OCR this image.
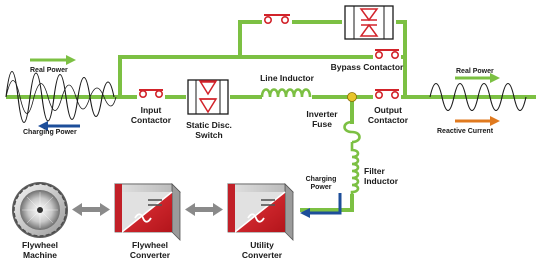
Real Power
Charging Power
Real Power
Reactive Current
Input
Contactor Static Disc.
Switch
Line Inductor
Bypass Contactor
Output
Contactor
Inverter
Fuse
Filter
Inductor
Charging
Power
Flywheel
Machine
Flywheel
Converter
Utility
Converter
